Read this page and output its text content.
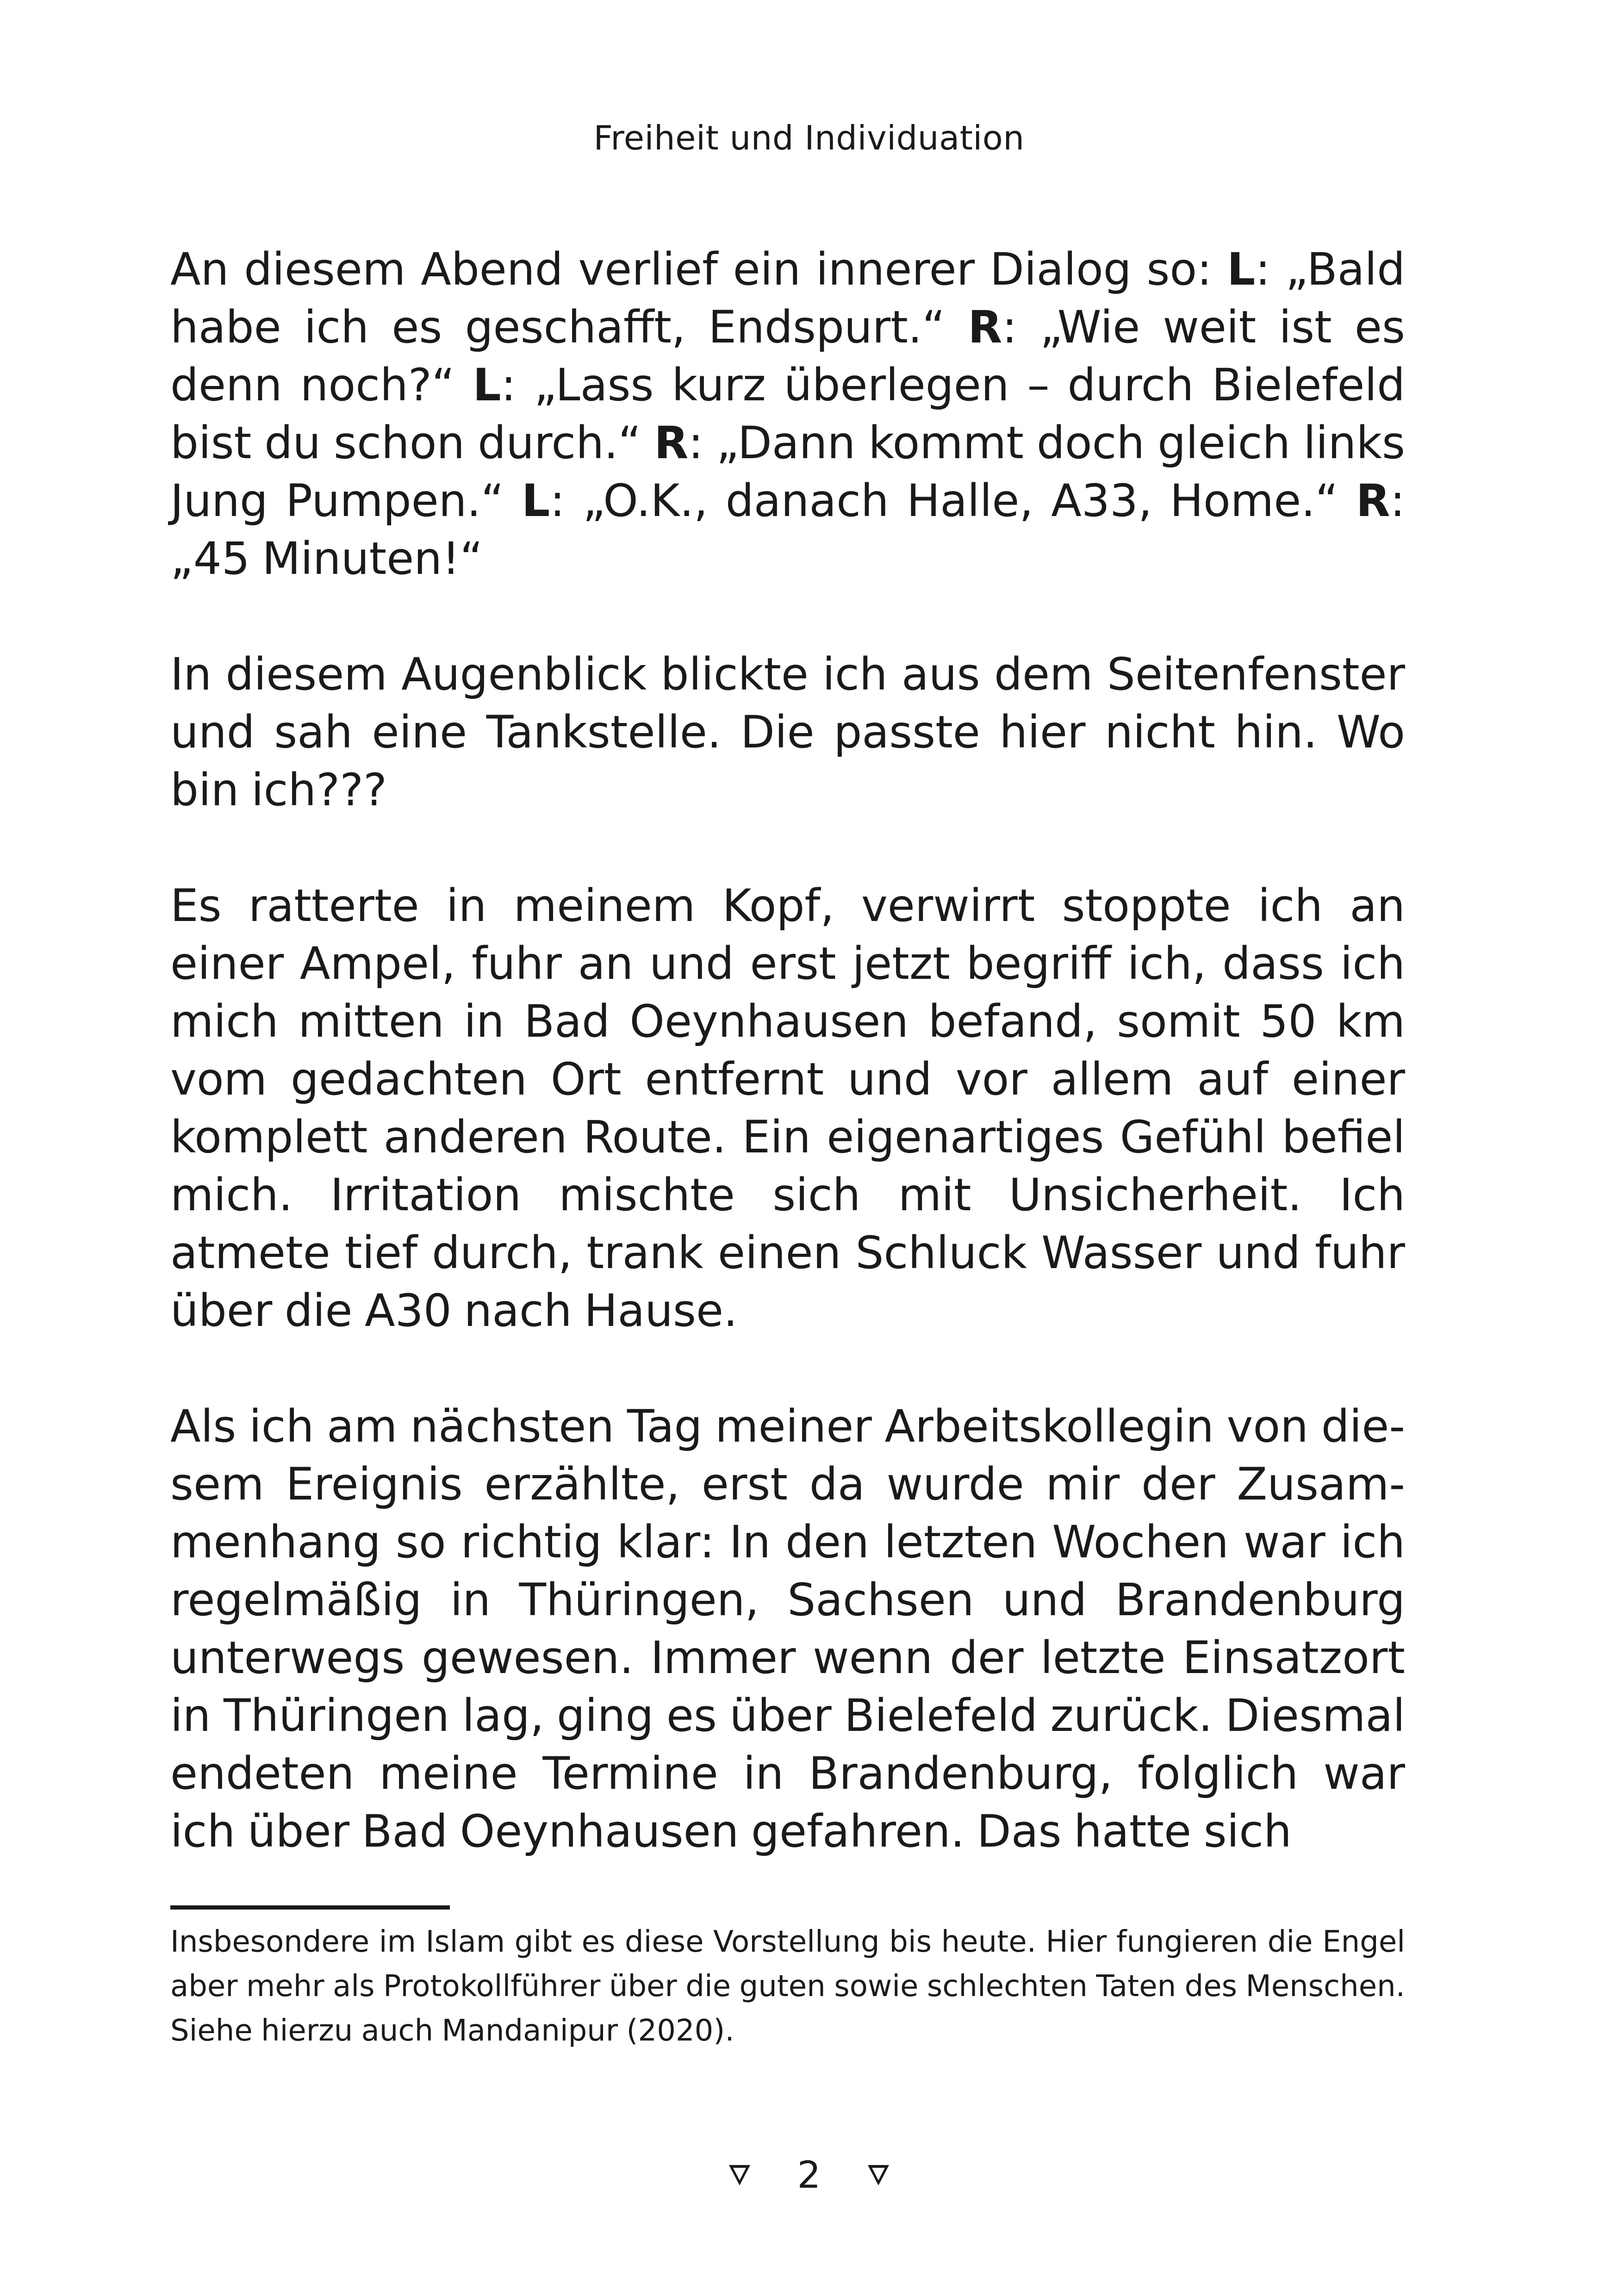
Freiheit und Individuation

An diesem Abend verlief ein innerer Dialog so: L: „Bald habe ich es geschafft, Endspurt.“ R: „Wie weit ist es denn noch?“ L: „Lass kurz überlegen – durch Bielefeld bist du schon durch.“ R: „Dann kommt doch gleich links Jung Pumpen.“ L: „O.K., danach Halle, A33, Home.“ R: „45 Minuten!“

In diesem Augenblick blickte ich aus dem Seitenfenster und sah eine Tankstelle. Die passte hier nicht hin. Wo bin ich???

Es ratterte in meinem Kopf, verwirrt stoppte ich an einer Ampel, fuhr an und erst jetzt begriff ich, dass ich mich mitten in Bad Oeynhausen befand, somit 50 km vom gedachten Ort entfernt und vor allem auf einer komplett anderen Route. Ein eigenartiges Gefühl befiel mich. Irritation mischte sich mit Unsicherheit. Ich atmete tief durch, trank einen Schluck Wasser und fuhr über die A30 nach Hause.

Als ich am nächsten Tag meiner Arbeitskollegin von diesem Ereignis erzählte, erst da wurde mir der Zusammenhang so richtig klar: In den letzten Wochen war ich regelmäßig in Thüringen, Sachsen und Brandenburg unterwegs gewesen. Immer wenn der letzte Einsatzort in Thüringen lag, ging es über Bielefeld zurück. Diesmal endeten meine Termine in Brandenburg, folglich war ich über Bad Oeynhausen gefahren. Das hatte sich

Insbesondere im Islam gibt es diese Vorstellung bis heute. Hier fungieren die Engel aber mehr als Protokollführer über die guten sowie schlechten Taten des Menschen. Siehe hierzu auch Mandanipur (2020).
2
